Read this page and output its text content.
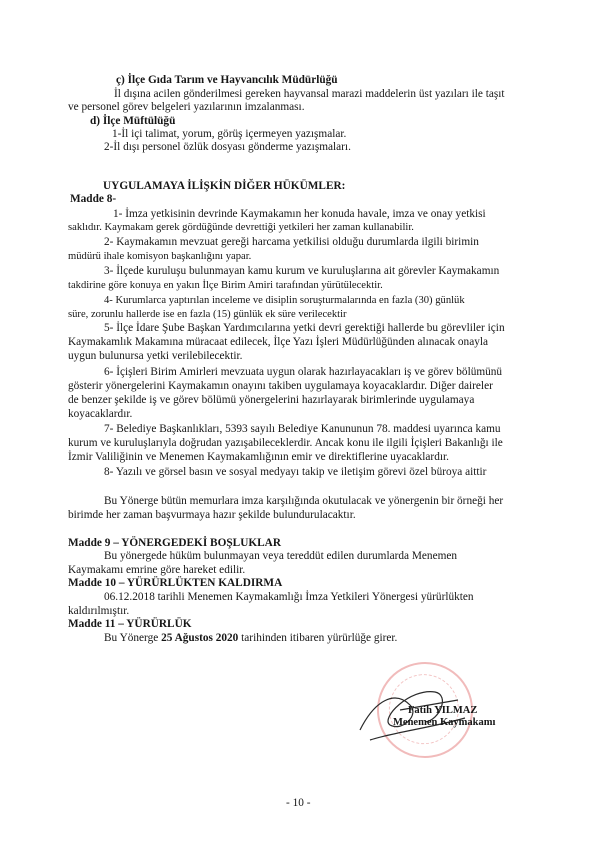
ç) İlçe Gıda Tarım ve Hayvancılık Müdürlüğü
İl dışına acilen gönderilmesi gereken hayvansal marazi maddelerin üst yazıları ile taşıt
ve personel görev belgeleri yazılarının imzalanması.
d) İlçe Müftülüğü
1-İl içi talimat, yorum, görüş içermeyen yazışmalar.
2-İl dışı personel özlük dosyası gönderme yazışmaları.
UYGULAMAYA İLİŞKİN DİĞER HÜKÜMLER:
Madde 8-
1- İmza yetkisinin devrinde Kaymakamın her konuda havale, imza ve onay yetkisi
saklıdır. Kaymakam gerek gördüğünde devrettiği yetkileri her zaman kullanabilir.
2- Kaymakamın mevzuat gereği harcama yetkilisi olduğu durumlarda ilgili birimin
müdürü ihale komisyon başkanlığını yapar.
3- İlçede kuruluşu bulunmayan kamu kurum ve kuruluşlarına ait görevler Kaymakamın
takdirine göre konuya en yakın İlçe Birim Amiri tarafından yürütülecektir.
4- Kurumlarca yaptırılan inceleme ve disiplin soruşturmalarında en fazla (30) günlük
süre, zorunlu hallerde ise en fazla (15) günlük ek süre verilecektir
5- İlçe İdare Şube Başkan Yardımcılarına yetki devri gerektiği hallerde bu görevliler için
Kaymakamlık Makamına müracaat edilecek, İlçe Yazı İşleri Müdürlüğünden alınacak onayla
uygun bulunursa yetki verilebilecektir.
6- İçişleri Birim Amirleri mevzuata uygun olarak hazırlayacakları iş ve görev bölümünü
gösterir yönergelerini Kaymakamın onayını takiben uygulamaya koyacaklardır. Diğer daireler
de benzer şekilde iş ve görev bölümü yönergelerini hazırlayarak birimlerinde uygulamaya
koyacaklardır.
7- Belediye Başkanlıkları, 5393 sayılı Belediye Kanununun 78. maddesi uyarınca kamu
kurum ve kuruluşlarıyla doğrudan yazışabileceklerdir. Ancak konu ile ilgili İçişleri Bakanlığı ile
İzmir Valiliğinin ve Menemen Kaymakamlığının emir ve direktiflerine uyacaklardır.
8- Yazılı ve görsel basın ve sosyal medyayı takip ve iletişim görevi özel büroya aittir
Bu Yönerge bütün memurlara imza karşılığında okutulacak ve yönergenin bir örneği her
birimde her zaman başvurmaya hazır şekilde bulundurulacaktır.
Madde 9 – YÖNERGEDEKİ BOŞLUKLAR
Bu yönergede hüküm bulunmayan veya tereddüt edilen durumlarda Menemen
Kaymakamı emrine göre hareket edilir.
Madde 10 – YÜRÜRLÜKTEN KALDIRMA
06.12.2018 tarihli Menemen Kaymakamlığı İmza Yetkileri Yönergesi yürürlükten
kaldırılmıştır.
Madde 11 – YÜRÜRLÜK
Bu Yönerge 25 Ağustos 2020 tarihinden itibaren yürürlüğe girer.
Fatih YILMAZ
Menemen Kaymakamı
- 10 -
